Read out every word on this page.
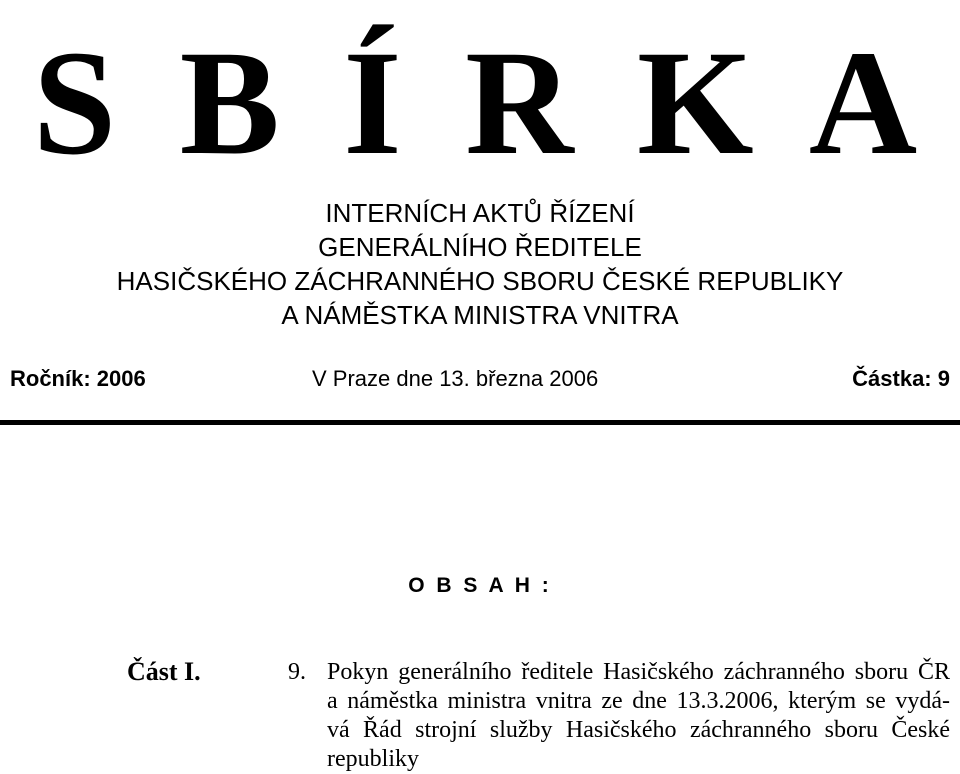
S B Í R K A
INTERNÍCH AKTŮ ŘÍZENÍ
GENERÁLNÍHO ŘEDITELE
HASIČSKÉHO ZÁCHRANNÉHO SBORU ČESKÉ REPUBLIKY
A NÁMĚSTKA MINISTRA VNITRA
Ročník: 2006	V Praze dne 13. března 2006	Částka: 9
O B S A H :
Část I.	9. Pokyn generálního ředitele Hasičského záchranného sboru ČR
a náměstka ministra vnitra ze dne 13.3.2006, kterým se vydá-
vá Řád strojní služby Hasičského záchranného sboru České
republiky
